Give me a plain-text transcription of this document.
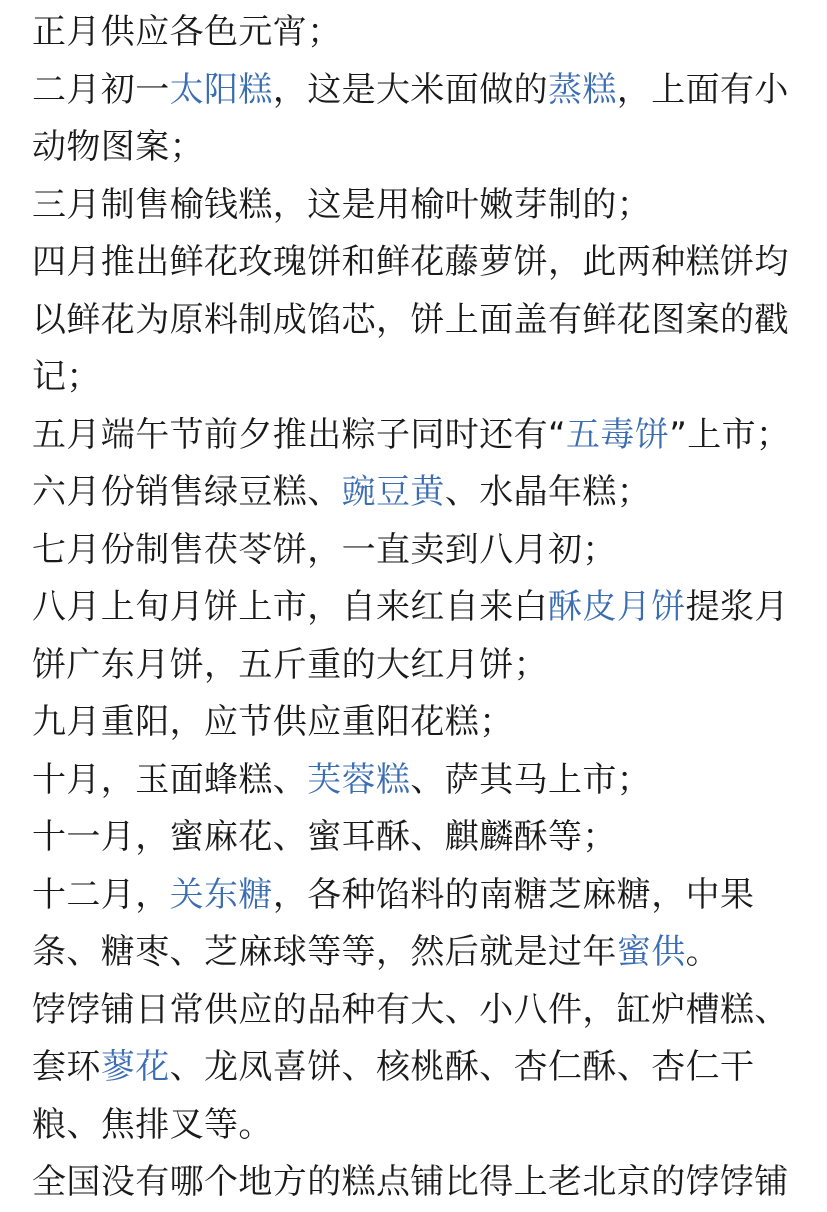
正月供应各色元宵；

二月初一太阳糕，这是大米面做的蒸糕，上面有小动物图案；

三月制售榆钱糕，这是用榆叶嫩芽制的；

四月推出鲜花玫瑰饼和鲜花藤萝饼，此两种糕饼均以鲜花为原料制成馅芯，饼上面盖有鲜花图案的戳记；

五月端午节前夕推出粽子同时还有“五毒饼”上市；

六月份销售绿豆糕、豌豆黄、水晶年糕；

七月份制售茯苓饼，一直卖到八月初；

八月上旬月饼上市，自来红自来白酥皮月饼提浆月饼广东月饼，五斤重的大红月饼；

九月重阳，应节供应重阳花糕；

十月，玉面蜂糕、芙蓉糕、萨其马上市；

十一月，蜜麻花、蜜耳酥、麒麟酥等；

十二月，关东糖，各种馅料的南糖芝麻糖，中果条、糖枣、芝麻球等等，然后就是过年蜜供。

饽饽铺日常供应的品种有大、小八件，缸炉槽糕、套环蓼花、龙凤喜饼、核桃酥、杏仁酥、杏仁干粮、焦排叉等。

全国没有哪个地方的糕点铺比得上老北京的饽饽铺
